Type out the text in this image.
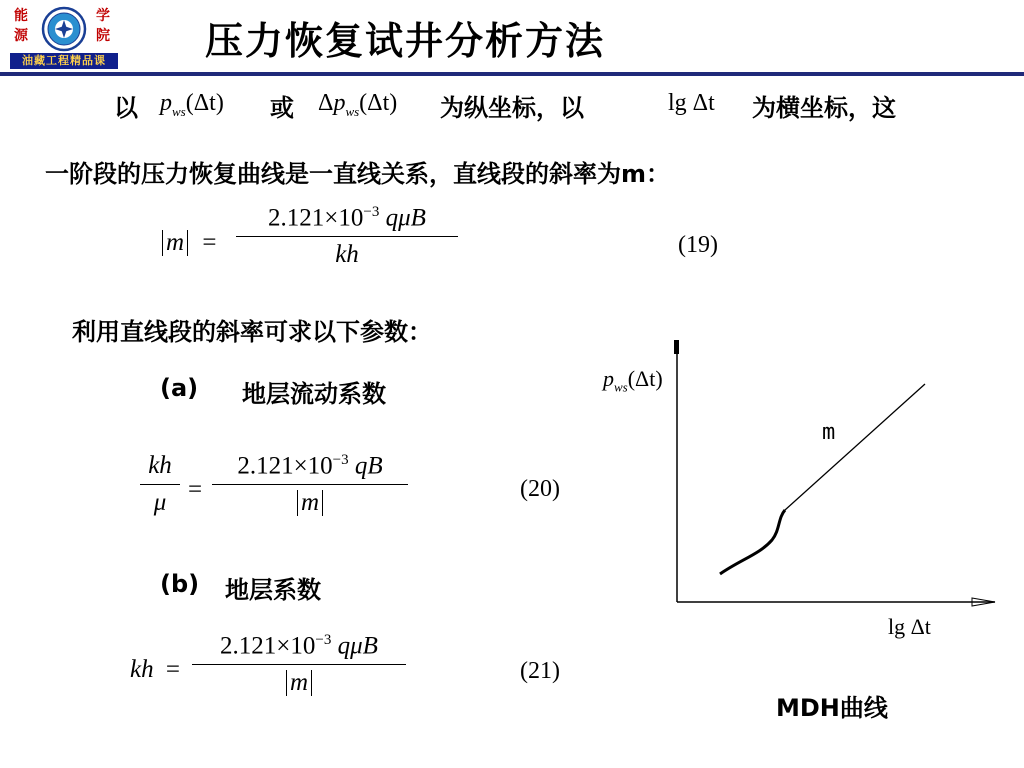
能
源
学
院
油藏工程精品课	压力恢复试井分析方法
以 $p_{ws}(\Delta t)$ 或 $\Delta p_{ws}(\Delta t)$ 为纵坐标，以	lg Δt 为横坐标，这
一阶段的压力恢复曲线是一直线关系，直线段的斜率为m：
m =
$2.121\times 10^{-3}$ qμB
kh	(19)
利用直线段的斜率可求以下参数：
(a) 地层流动系数
kh
μ =
$2.121\times 10^{-3}$ qB
m
(20)
(b) 地层系数
kh =
$2.121\times 10^{-3}$ qμB
m	(21)
$p_{ws}(\Delta t)$
m
lg Δt
MDH曲线
